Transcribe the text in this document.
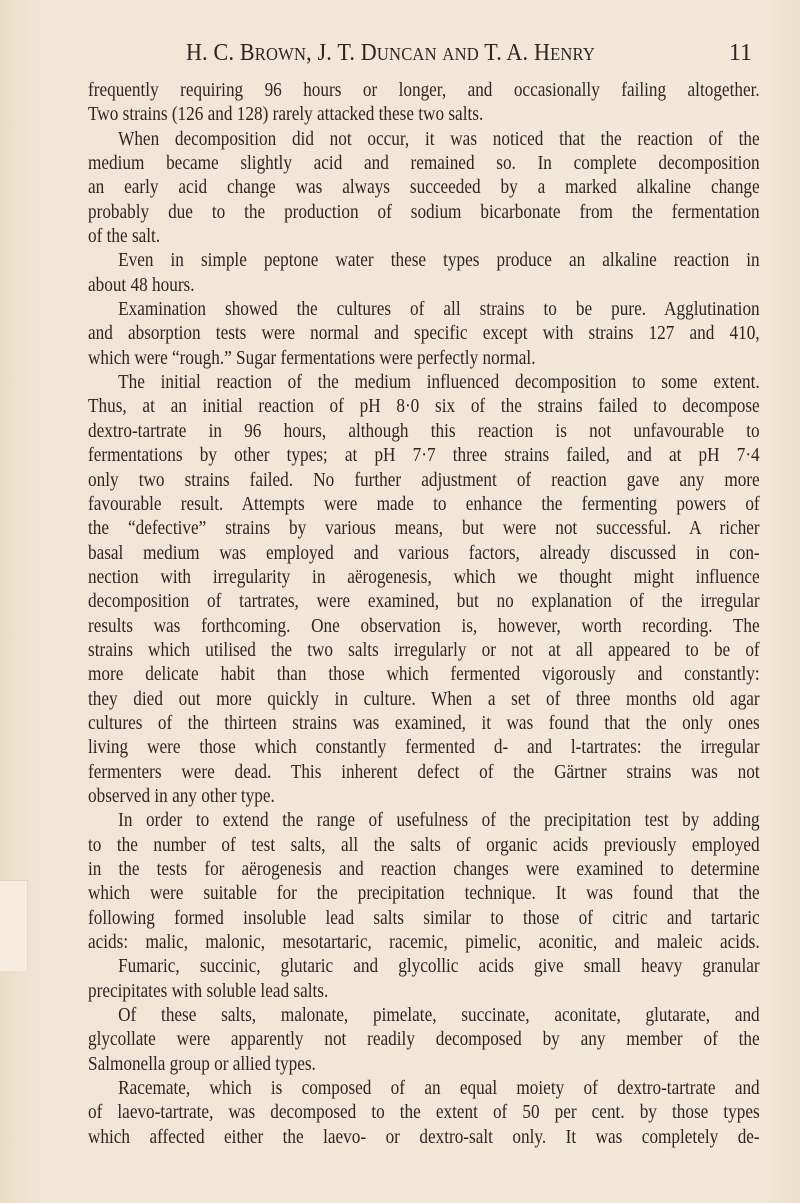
H. C. BROWN, J. T. DUNCAN AND T. A. HENRY	11
frequently requiring 96 hours or longer, and occasionally failing altogether.
Two strains (126 and 128) rarely attacked these two salts.
When decomposition did not occur, it was noticed that the reaction of the
medium became slightly acid and remained so. In complete decomposition
an early acid change was always succeeded by a marked alkaline change
probably due to the production of sodium bicarbonate from the fermentation
of the salt.
Even in simple peptone water these types produce an alkaline reaction in
about 48 hours.
Examination showed the cultures of all strains to be pure. Agglutination
and absorption tests were normal and specific except with strains 127 and 410,
which were “rough.” Sugar fermentations were perfectly normal.
The initial reaction of the medium influenced decomposition to some extent.
Thus, at an initial reaction of pH 8·0 six of the strains failed to decompose
dextro-tartrate in 96 hours, although this reaction is not unfavourable to
fermentations by other types; at pH 7·7 three strains failed, and at pH 7·4
only two strains failed. No further adjustment of reaction gave any more
favourable result. Attempts were made to enhance the fermenting powers of
the “defective” strains by various means, but were not successful. A richer
basal medium was employed and various factors, already discussed in con-
nection with irregularity in aërogenesis, which we thought might influence
decomposition of tartrates, were examined, but no explanation of the irregular
results was forthcoming. One observation is, however, worth recording. The
strains which utilised the two salts irregularly or not at all appeared to be of
more delicate habit than those which fermented vigorously and constantly:
they died out more quickly in culture. When a set of three months old agar
cultures of the thirteen strains was examined, it was found that the only ones
living were those which constantly fermented d- and l-tartrates: the irregular
fermenters were dead. This inherent defect of the Gärtner strains was not
observed in any other type.
In order to extend the range of usefulness of the precipitation test by adding
to the number of test salts, all the salts of organic acids previously employed
in the tests for aërogenesis and reaction changes were examined to determine
which were suitable for the precipitation technique. It was found that the
following formed insoluble lead salts similar to those of citric and tartaric
acids: malic, malonic, mesotartaric, racemic, pimelic, aconitic, and maleic acids.
Fumaric, succinic, glutaric and glycollic acids give small heavy granular
precipitates with soluble lead salts.
Of these salts, malonate, pimelate, succinate, aconitate, glutarate, and
glycollate were apparently not readily decomposed by any member of the
Salmonella group or allied types.
Racemate, which is composed of an equal moiety of dextro-tartrate and
of laevo-tartrate, was decomposed to the extent of 50 per cent. by those types
which affected either the laevo- or dextro-salt only. It was completely de-
